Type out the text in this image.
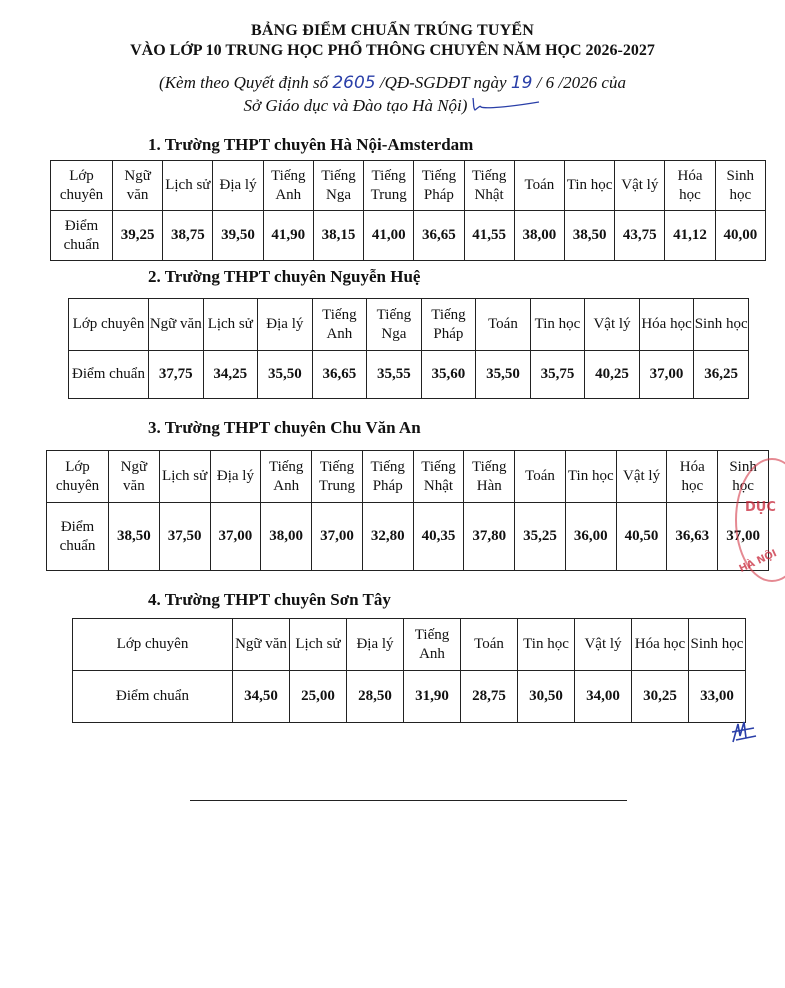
BẢNG ĐIỂM CHUẨN TRÚNG TUYỂN
VÀO LỚP 10 TRUNG HỌC PHỔ THÔNG CHUYÊN NĂM HỌC 2026-2027
(Kèm theo Quyết định số 2605 /QĐ-SGDĐT ngày 19 / 6 /2026 của
Sở Giáo dục và Đào tạo Hà Nội)
1. Trường THPT chuyên Hà Nội-Amsterdam
Lớp chuyên	Ngữ văn	Lịch sử	Địa lý	Tiếng Anh	Tiếng Nga	Tiếng Trung	Tiếng Pháp	Tiếng Nhật	Toán	Tin học	Vật lý	Hóa học	Sinh học
Điểm chuẩn	39,25	38,75	39,50	41,90	38,15	41,00	36,65	41,55	38,00	38,50	43,75	41,12	40,00
2. Trường THPT chuyên Nguyễn Huệ
Lớp chuyên	Ngữ văn	Lịch sử	Địa lý	Tiếng Anh	Tiếng Nga	Tiếng Pháp	Toán	Tin học	Vật lý	Hóa học	Sinh học
Điểm chuẩn	37,75	34,25	35,50	36,65	35,55	35,60	35,50	35,75	40,25	37,00	36,25
3. Trường THPT chuyên Chu Văn An
Lớp chuyên	Ngữ văn	Lịch sử	Địa lý	Tiếng Anh	Tiếng Trung	Tiếng Pháp	Tiếng Nhật	Tiếng Hàn	Toán	Tin học	Vật lý	Hóa học	Sinh học
Điểm chuẩn	38,50	37,50	37,00	38,00	37,00	32,80	40,35	37,80	35,25	36,00	40,50	36,63	37,00
4. Trường THPT chuyên Sơn Tây
Lớp chuyên	Ngữ văn	Lịch sử	Địa lý	Tiếng Anh	Toán	Tin học	Vật lý	Hóa học	Sinh học
Điểm chuẩn	34,50	25,00	28,50	31,90	28,75	30,50	34,00	30,25	33,00
DỤC
HÀ NỘI
